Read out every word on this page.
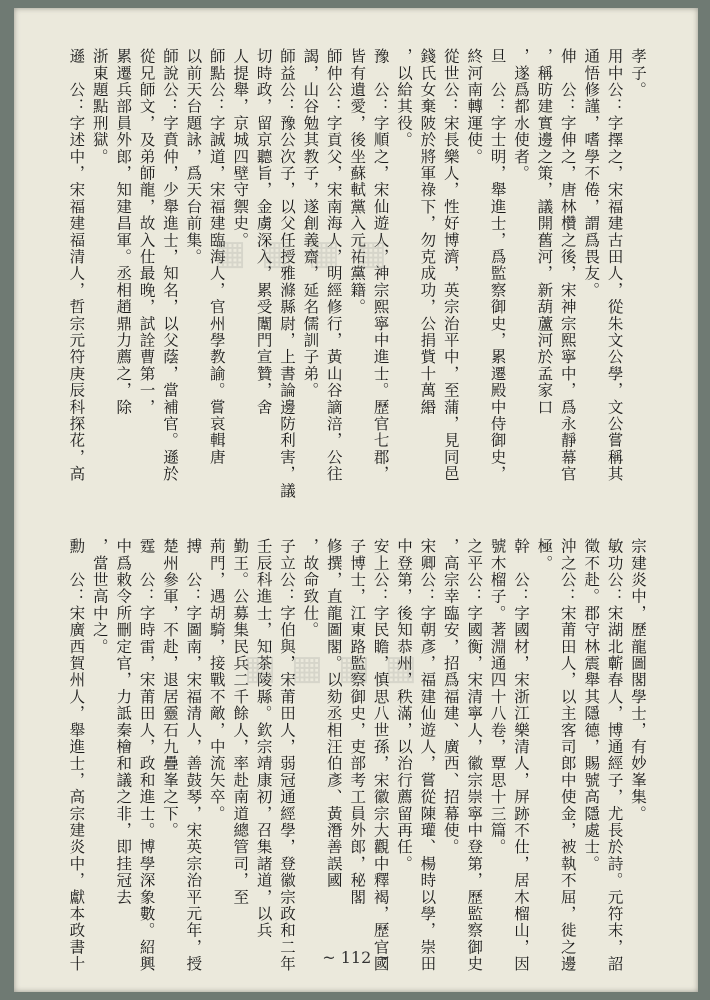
孝子。
用中公：字擇之，宋福建古田人，從朱文公學，文公嘗稱其
通悟修謹，嗜學不倦，謂爲畏友。
伸　公：字伸之，唐林欑之後，宋神宗熙寧中，爲永靜幕官
，稱昉建實邊之策，議開舊河，新葫蘆河於孟家口
，遂爲都水使者。
旦　公：字士明，舉進士，爲監察御史，累遷殿中侍御史，
終河南轉運使。
從世公：宋長樂人，性好博濟，英宗治平中，至蒲，見同邑
錢氏女棄陂於將軍祿下，勿克成功，公捐貲十萬緡
，以給其役。
豫　公：字順之，宋仙遊人，神宗熙寧中進士。歷官七郡，
皆有遺愛，後坐蘇軾黨入元祐黨籍。
師仲公：字貢父，宋南海人，明經修行，黃山谷謫涪，公往
謁，山谷勉其教子，遂創義齋，延名儒訓子弟。
師益公：豫公次子，以父任授雅滌縣尉，上書論邊防利害，議
切時政，留京聽旨，金虜深入，累受闈門宣贊，舍
人提舉，京城四壁守禦史。
師點公：字誠道，宋福建臨海人，官州學教諭。嘗哀輯唐
以前天台題詠，爲天台前集。
師說公：字賁仲，少舉進士，知名，以父蔭，當補官。遜於
從兄師文，及弟師龍，故入仕最晚，試詮曹第一，
累遷兵部員外郎，知建昌軍。丞相趙鼎力薦之，除
浙東題點刑獄。
遜　公：字述中，宋福建福清人，哲宗元符庚辰科探花，高
宗建炎中，歷龍圖閣學士，有妙峯集。
敏功公：宋湖北蘄春人，博通經子，尤長於詩。元符末，詔
徵不赴。郡守林震舉其隱德，賜號高隱處士。
沖之公：宋莆田人，以主客司郎中使金，被執不屈，徙之邊
極。
幹　公：字國材，宋浙江樂清人，屏跡不仕，居木榴山，因
號木榴子。著淵通四十八卷，覃思十三篇。
之平公：字國衡，宋清寧人，徽宗崇寧中登第，歷監察御史
，高宗幸臨安，招爲福建、廣西、招幕使。
宋卿公：字朝彥，福建仙遊人，嘗從陳瓘、楊時以學，崇田
中登第，後知恭州，秩滿，以治行薦留再任。
安上公：字民瞻，慎思八世孫，宋徽宗大觀中釋褐，歷官國
子博士，江東路監察御史，吏部考工員外郎，秘閣
修撰，直龍圖閣。以劾丞相汪伯彥、黃潛善誤國
，故命致仕。
子立公：字伯與，宋莆田人，弱冠通經學，登徽宗政和二年
壬辰科進士，知茶陵縣。欽宗靖康初，召集諸道，以兵
勤王。公募集民兵二千餘人，率赴南道總管司，至
荊門，遇胡騎，接戰不敵，中流矢卒。
搏　公：字圖南，宋福清人，善鼓琴，宋英宗治平元年，授
楚州參軍，不赴，退居靈石九疊峯之下。
霆　公：字時雷，宋莆田人，政和進士。博學深象數。紹興
中爲敕令所刪定官，力詆秦檜和議之非，即挂冠去
，當世高中之。
勳　公：宋廣西賀州人，舉進士，高宗建炎中，獻本政書十
▦ ▦ ▦ ▦
▦ ▦ ▦ ▦
~ 112 ~
